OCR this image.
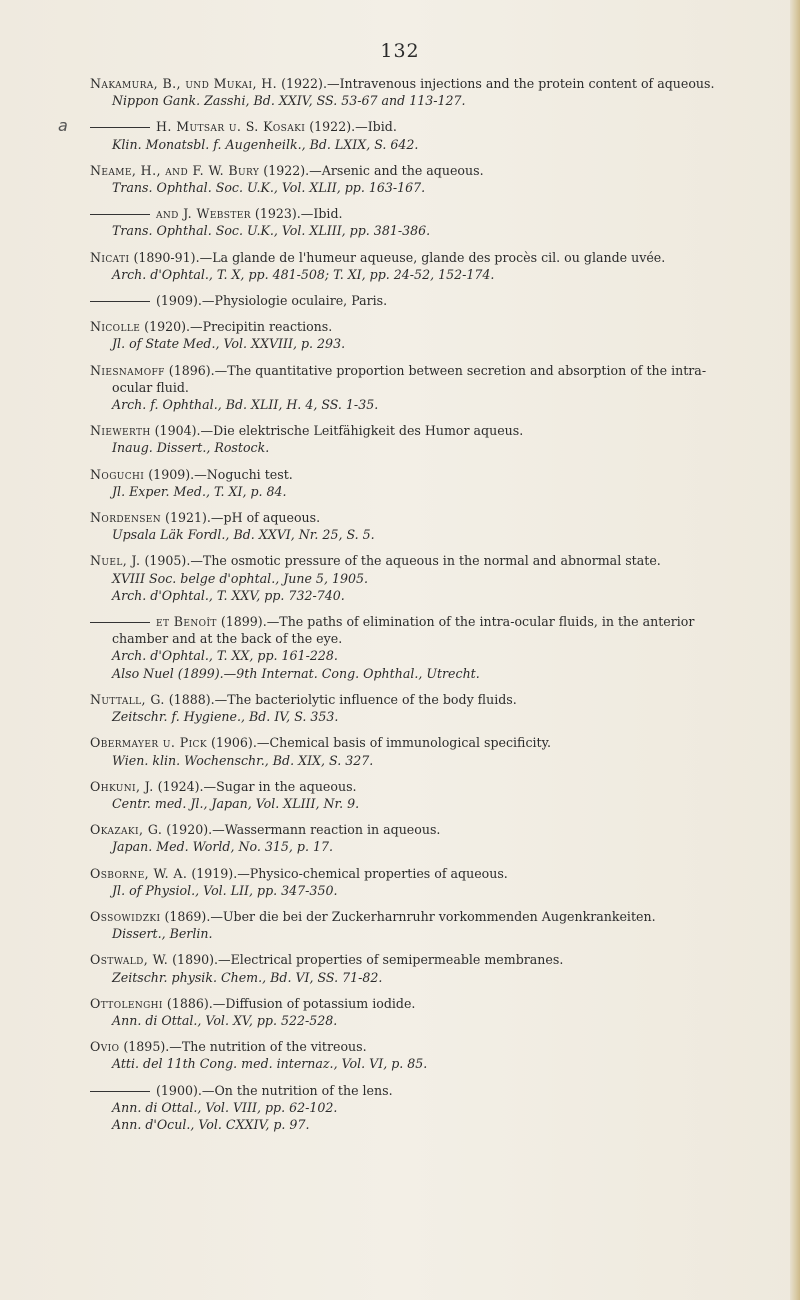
132
a
Nakamura, B., und Mukai, H. (1922).—Intravenous injections and the protein content of aqueous.
Nippon Gank. Zasshi, Bd. XXIV, SS. 53-67 and 113-127.
H. Mutsar u. S. Kosaki (1922).—Ibid.
Klin. Monatsbl. f. Augenheilk., Bd. LXIX, S. 642.
Neame, H., and F. W. Bury (1922).—Arsenic and the aqueous.
Trans. Ophthal. Soc. U.K., Vol. XLII, pp. 163-167.
and J. Webster (1923).—Ibid.
Trans. Ophthal. Soc. U.K., Vol. XLIII, pp. 381-386.
Nicati (1890-91).—La glande de l'humeur aqueuse, glande des procès cil. ou glande uvée.
Arch. d'Ophtal., T. X, pp. 481-508; T. XI, pp. 24-52, 152-174.
(1909).—Physiologie oculaire, Paris.
Nicolle (1920).—Precipitin reactions.
Jl. of State Med., Vol. XXVIII, p. 293.
Niesnamoff (1896).—The quantitative proportion between secretion and absorption of the intra-ocular fluid.
Arch. f. Ophthal., Bd. XLII, H. 4, SS. 1-35.
Niewerth (1904).—Die elektrische Leitfähigkeit des Humor aqueus.
Inaug. Dissert., Rostock.
Noguchi (1909).—Noguchi test.
Jl. Exper. Med., T. XI, p. 84.
Nordensen (1921).—pH of aqueous.
Upsala Läk Fordl., Bd. XXVI, Nr. 25, S. 5.
Nuel, J. (1905).—The osmotic pressure of the aqueous in the normal and abnormal state.
XVIII Soc. belge d'ophtal., June 5, 1905.
Arch. d'Ophtal., T. XXV, pp. 732-740.
et Benoît (1899).—The paths of elimination of the intra-ocular fluids, in the anterior chamber and at the back of the eye.
Arch. d'Ophtal., T. XX, pp. 161-228.
Also Nuel (1899).—9th Internat. Cong. Ophthal., Utrecht.
Nuttall, G. (1888).—The bacteriolytic influence of the body fluids.
Zeitschr. f. Hygiene., Bd. IV, S. 353.
Obermayer u. Pick (1906).—Chemical basis of immunological specificity.
Wien. klin. Wochenschr., Bd. XIX, S. 327.
Ohkuni, J. (1924).—Sugar in the aqueous.
Centr. med. Jl., Japan, Vol. XLIII, Nr. 9.
Okazaki, G. (1920).—Wassermann reaction in aqueous.
Japan. Med. World, No. 315, p. 17.
Osborne, W. A. (1919).—Physico-chemical properties of aqueous.
Jl. of Physiol., Vol. LII, pp. 347-350.
Ossowidzki (1869).—Uber die bei der Zuckerharnruhr vorkommenden Augenkrankeiten.
Dissert., Berlin.
Ostwald, W. (1890).—Electrical properties of semipermeable membranes.
Zeitschr. physik. Chem., Bd. VI, SS. 71-82.
Ottolenghi (1886).—Diffusion of potassium iodide.
Ann. di Ottal., Vol. XV, pp. 522-528.
Ovio (1895).—The nutrition of the vitreous.
Atti. del 11th Cong. med. internaz., Vol. VI, p. 85.
(1900).—On the nutrition of the lens.
Ann. di Ottal., Vol. VIII, pp. 62-102.
Ann. d'Ocul., Vol. CXXIV, p. 97.
